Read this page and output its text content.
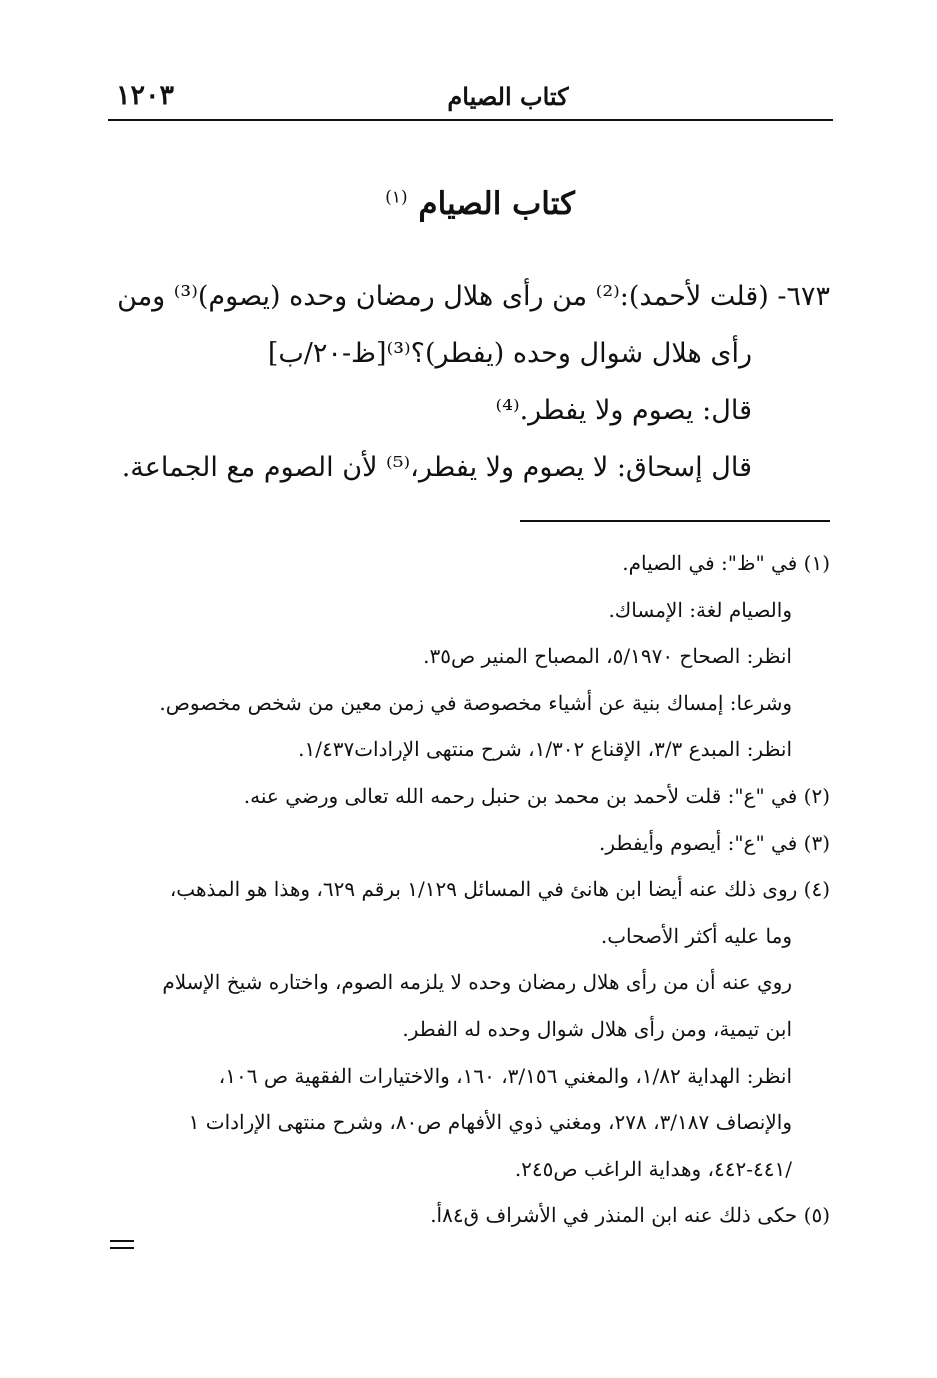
١٢٠٣	كتاب الصيام
كتاب الصيام $^{(١)}$
٦٧٣- (قلت لأحمد):⁽²⁾ من رأى هلال رمضان وحده (يصوم)⁽³⁾ ومن
رأى هلال شوال وحده (يفطر)؟⁽³⁾[ظ-٢٠/ب]
قال: يصوم ولا يفطر.⁽⁴⁾
قال إسحاق: لا يصوم ولا يفطر،⁽⁵⁾ لأن الصوم مع الجماعة.
(١) في "ظ": في الصيام.
والصيام لغة: الإمساك.
انظر: الصحاح ٥/١٩٧٠، المصباح المنير ص٣٥.
وشرعا: إمساك بنية عن أشياء مخصوصة في زمن معين من شخص مخصوص.
انظر: المبدع ٣/٣، الإقناع ١/٣٠٢، شرح منتهى الإرادات١/٤٣٧.
(٢) في "ع": قلت لأحمد بن محمد بن حنبل رحمه الله تعالى ورضي عنه.
(٣) في "ع": أيصوم وأيفطر.
(٤) روى ذلك عنه أيضا ابن هانئ في المسائل ١/١٢٩ برقم ٦٢٩، وهذا هو المذهب،
وما عليه أكثر الأصحاب.
روي عنه أن من رأى هلال رمضان وحده لا يلزمه الصوم، واختاره شيخ الإسلام
ابن تيمية، ومن رأى هلال شوال وحده له الفطر.
انظر: الهداية ١/٨٢، والمغني ٣/١٥٦، ١٦٠، والاختيارات الفقهية ص ١٠٦،
والإنصاف ٣/١٨٧، ٢٧٨، ومغني ذوي الأفهام ص٨٠، وشرح منتهى الإرادات ١
/٤٤١-٤٤٢، وهداية الراغب ص٢٤٥.
(٥) حكى ذلك عنه ابن المنذر في الأشراف ق٨٤أ.
